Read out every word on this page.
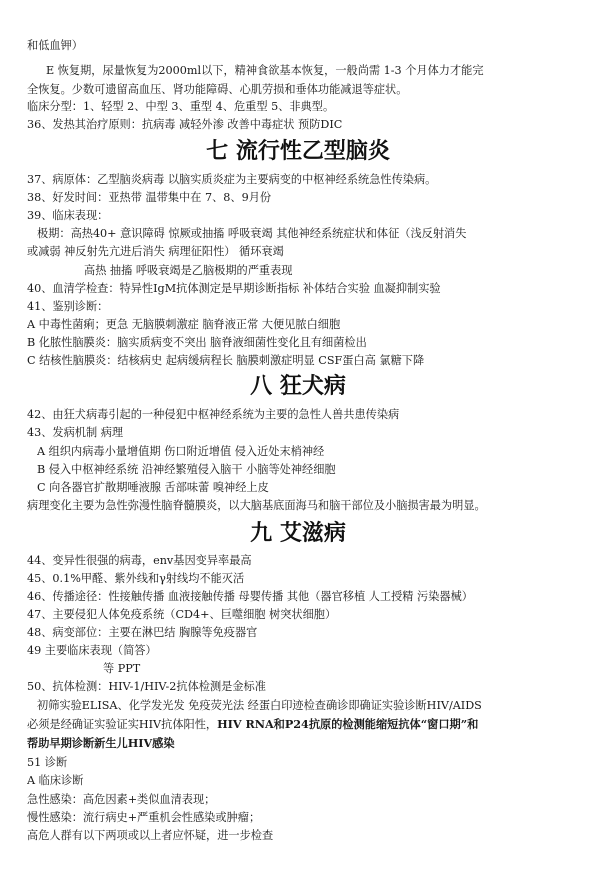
和低血钾）
E 恢复期，尿量恢复为2000ml以下，精神食欲基本恢复，一般尚需 1-3 个月体力才能完
全恢复。少数可遗留高血压、肾功能障碍、心肌劳损和垂体功能减退等症状。
临床分型：1、轻型 2、中型 3、重型 4、危重型 5、非典型。
36、发热其治疗原则：抗病毒 减轻外渗 改善中毒症状 预防DIC
七 流行性乙型脑炎
37、病原体：乙型脑炎病毒 以脑实质炎症为主要病变的中枢神经系统急性传染病。
38、好发时间：亚热带 温带集中在 7、8、9月份
39、临床表现：
极期：高热40+ 意识障碍 惊厥或抽搐 呼吸衰竭 其他神经系统症状和体征（浅反射消失
或减弱 神反射先亢进后消失 病理征阳性） 循环衰竭
高热 抽搐 呼吸衰竭是乙脑极期的严重表现
40、血清学检查：特异性IgM抗体测定是早期诊断指标 补体结合实验 血凝抑制实验
41、鉴别诊断：
A 中毒性菌痢；更急 无脑膜刺激症 脑脊液正常 大便见脓白细胞
B 化脓性脑膜炎：脑实质病变不突出 脑脊液细菌性变化且有细菌检出
C 结核性脑膜炎：结核病史 起病缓病程长 脑膜刺激症明显 CSF蛋白高 氯糖下降
八 狂犬病
42、由狂犬病毒引起的一种侵犯中枢神经系统为主要的急性人兽共患传染病
43、发病机制 病理
A 组织内病毒小量增值期 伤口附近增值 侵入近处末梢神经
B 侵入中枢神经系统 沿神经繁殖侵入脑干 小脑等处神经细胞
C 向各器官扩散期唾液腺 舌部味蕾 嗅神经上皮
病理变化主要为急性弥漫性脑脊髓膜炎，以大脑基底面海马和脑干部位及小脑损害最为明显。
九 艾滋病
44、变异性很强的病毒，env基因变异率最高
45、0.1%甲醛、紫外线和γ射线均不能灭活
46、传播途径：性接触传播 血液接触传播 母婴传播 其他（器官移植 人工授精 污染器械）
47、主要侵犯人体免疫系统（CD4+、巨噬细胞 树突状细胞）
48、病变部位：主要在淋巴结 胸腺等免疫器官
49 主要临床表现（简答）
等 PPT
50、抗体检测：HIV-1/HIV-2抗体检测是金标准
初筛实验ELISA、化学发光发 免疫荧光法 经蛋白印迹检查确诊即确证实验诊断HIV/AIDS
必须是经确证实验证实HIV抗体阳性，HIV RNA和P24抗原的检测能缩短抗体“窗口期”和
帮助早期诊断新生儿HIV感染
51 诊断
A 临床诊断
急性感染：高危因素+类似血清表现；
慢性感染：流行病史+严重机会性感染或肿瘤；
高危人群有以下两项或以上者应怀疑，进一步检查
